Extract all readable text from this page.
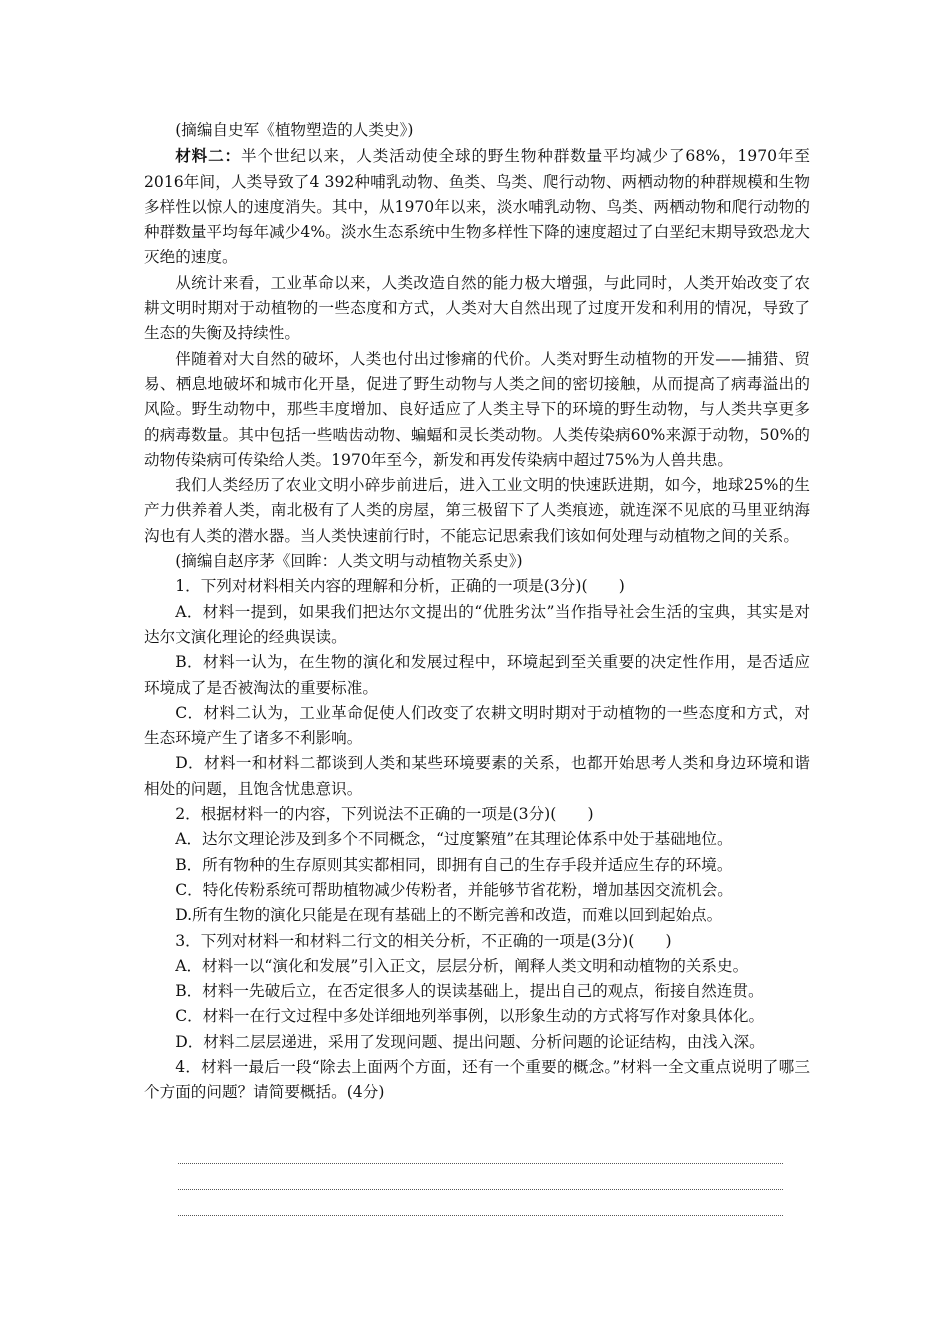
(摘编自史军《植物塑造的人类史》)

材料二：半个世纪以来，人类活动使全球的野生物种群数量平均减少了68%，1970年至2016年间，人类导致了4 392种哺乳动物、鱼类、鸟类、爬行动物、两栖动物的种群规模和生物多样性以惊人的速度消失。其中，从1970年以来，淡水哺乳动物、鸟类、两栖动物和爬行动物的种群数量平均每年减少4%。淡水生态系统中生物多样性下降的速度超过了白垩纪末期导致恐龙大灭绝的速度。

从统计来看，工业革命以来，人类改造自然的能力极大增强，与此同时，人类开始改变了农耕文明时期对于动植物的一些态度和方式，人类对大自然出现了过度开发和利用的情况，导致了生态的失衡及持续性。

伴随着对大自然的破坏，人类也付出过惨痛的代价。人类对野生动植物的开发——捕猎、贸易、栖息地破坏和城市化开垦，促进了野生动物与人类之间的密切接触，从而提高了病毒溢出的风险。野生动物中，那些丰度增加、良好适应了人类主导下的环境的野生动物，与人类共享更多的病毒数量。其中包括一些啮齿动物、蝙蝠和灵长类动物。人类传染病60%来源于动物，50%的动物传染病可传染给人类。1970年至今，新发和再发传染病中超过75%为人兽共患。

我们人类经历了农业文明小碎步前进后，进入工业文明的快速跃进期，如今，地球25%的生产力供养着人类，南北极有了人类的房屋，第三极留下了人类痕迹，就连深不见底的马里亚纳海沟也有人类的潜水器。当人类快速前行时，不能忘记思索我们该如何处理与动植物之间的关系。

(摘编自赵序茅《回眸：人类文明与动植物关系史》)

1．下列对材料相关内容的理解和分析，正确的一项是(3分)(　　)

A．材料一提到，如果我们把达尔文提出的“优胜劣汰”当作指导社会生活的宝典，其实是对达尔文演化理论的经典误读。

B．材料一认为，在生物的演化和发展过程中，环境起到至关重要的决定性作用，是否适应环境成了是否被淘汰的重要标准。

C．材料二认为，工业革命促使人们改变了农耕文明时期对于动植物的一些态度和方式，对生态环境产生了诸多不利影响。

D．材料一和材料二都谈到人类和某些环境要素的关系，也都开始思考人类和身边环境和谐相处的问题，且饱含忧患意识。

2．根据材料一的内容，下列说法不正确的一项是(3分)(　　)

A．达尔文理论涉及到多个不同概念，“过度繁殖”在其理论体系中处于基础地位。

B．所有物种的生存原则其实都相同，即拥有自己的生存手段并适应生存的环境。

C．特化传粉系统可帮助植物减少传粉者，并能够节省花粉，增加基因交流机会。

D.所有生物的演化只能是在现有基础上的不断完善和改造，而难以回到起始点。

3．下列对材料一和材料二行文的相关分析，不正确的一项是(3分)(　　)

A．材料一以“演化和发展”引入正文，层层分析，阐释人类文明和动植物的关系史。

B．材料一先破后立，在否定很多人的误读基础上，提出自己的观点，衔接自然连贯。

C．材料一在行文过程中多处详细地列举事例，以形象生动的方式将写作对象具体化。

D．材料二层层递进，采用了发现问题、提出问题、分析问题的论证结构，由浅入深。

4．材料一最后一段“除去上面两个方面，还有一个重要的概念。”材料一全文重点说明了哪三个方面的问题？请简要概括。(4分)
